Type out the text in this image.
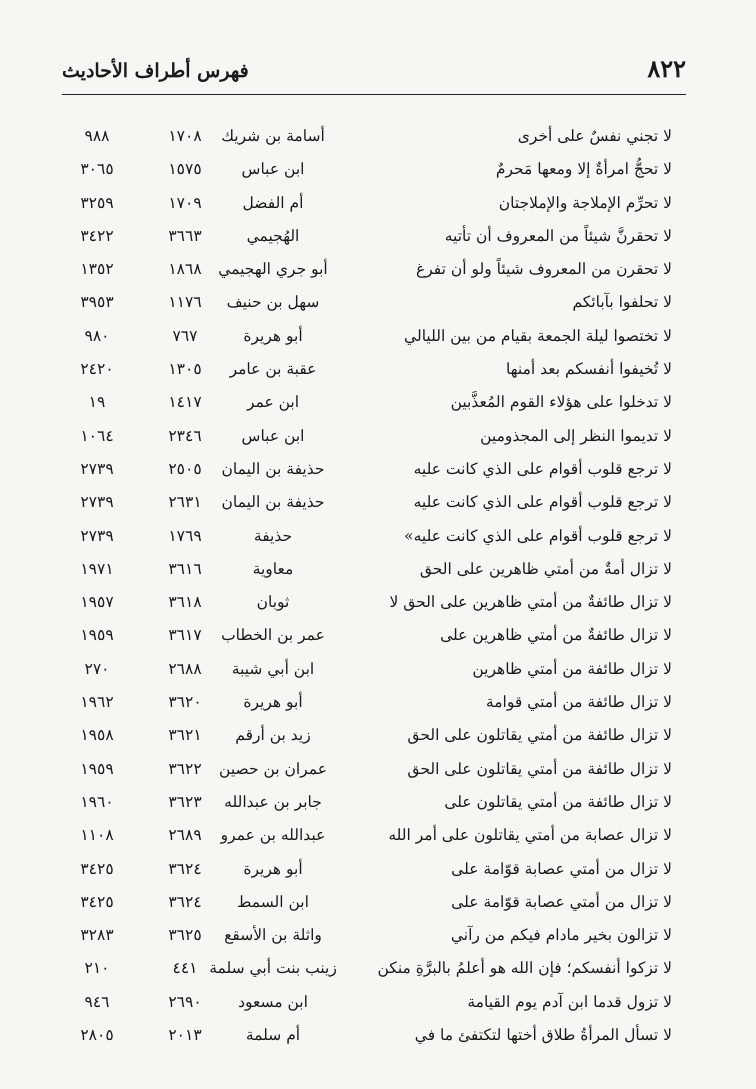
٨٢٢
فهرس أطراف الأحاديث
لا تجني نفسٌ على أخرى
أسامة بن شريك
١٧٠٨
٩٨٨
لا تحجُّ امرأةٌ إلا ومعها مَحرمٌ
ابن عباس
١٥٧٥
٣٠٦٥
لا تحرِّم الإملاجة والإملاجتان
أم الفضل
١٧٠٩
٣٢٥٩
لا تحقرنَّ شيئاً من المعروف أن تأتيه
الهُجيمي
٣٦٦٣
٣٤٢٢
لا تحقرن من المعروف شيئاً ولو أن تفرغ
أبو جري الهجيمي
١٨٦٨
١٣٥٢
لا تحلفوا بآبائكم
سهل بن حنيف
١١٧٦
٣٩٥٣
لا تختصوا ليلة الجمعة بقيام من بين الليالي
أبو هريرة
٧٦٧
٩٨٠
لا تُخيفوا أنفسكم بعد أمنها
عقبة بن عامر
١٣٠٥
٢٤٢٠
لا تدخلوا على هؤلاء القوم المُعذَّبين
ابن عمر
١٤١٧
١٩
لا تديموا النظر إلى المجذومين
ابن عباس
٢٣٤٦
١٠٦٤
لا ترجع قلوب أقوام على الذي كانت عليه
حذيفة بن اليمان
٢٥٠٥
٢٧٣٩
لا ترجع قلوب أقوام على الذي كانت عليه
حذيفة بن اليمان
٢٦٣١
٢٧٣٩
لا ترجع قلوب أقوام على الذي كانت عليه»
حذيفة
١٧٦٩
٢٧٣٩
لا تزال أمةٌ من أمتي ظاهرين على الحق
معاوية
٣٦١٦
١٩٧١
لا تزال طائفةٌ من أمتي ظاهرين على الحق لا
ثوبان
٣٦١٨
١٩٥٧
لا تزال طائفةٌ من أمتي ظاهرين على
عمر بن الخطاب
٣٦١٧
١٩٥٩
لا تزال طائفة من أمتي ظاهرين
ابن أبي شيبة
٢٦٨٨
٢٧٠
لا تزال طائفة من أمتي قوامة
أبو هريرة
٣٦٢٠
١٩٦٢
لا تزال طائفة من أمتي يقاتلون على الحق
زيد بن أرقم
٣٦٢١
١٩٥٨
لا تزال طائفة من أمتي يقاتلون على الحق
عمران بن حصين
٣٦٢٢
١٩٥٩
لا تزال طائفة من أمتي يقاتلون على
جابر بن عبدالله
٣٦٢٣
١٩٦٠
لا تزال عصابة من أمتي يقاتلون على أمر الله
عبدالله بن عمرو
٢٦٨٩
١١٠٨
لا تزال من أمتي عصابة قوّامة على
أبو هريرة
٣٦٢٤
٣٤٢٥
لا تزال من أمتي عصابة قوّامة على
ابن السمط
٣٦٢٤
٣٤٢٥
لا تزالون بخير مادام فيكم من رآني
واثلة بن الأسقع
٣٦٢٥
٣٢٨٣
لا تزكوا أنفسكم؛ فإن الله هو أعلمُ بالبرَّةِ منكن
زينب بنت أبي سلمة
٤٤١
٢١٠
لا تزول قدما ابن آدم يوم القيامة
ابن مسعود
٢٦٩٠
٩٤٦
لا تسأل المرأةُ طلاق أختها لتكتفئ ما في
أم سلمة
٢٠١٣
٢٨٠٥
